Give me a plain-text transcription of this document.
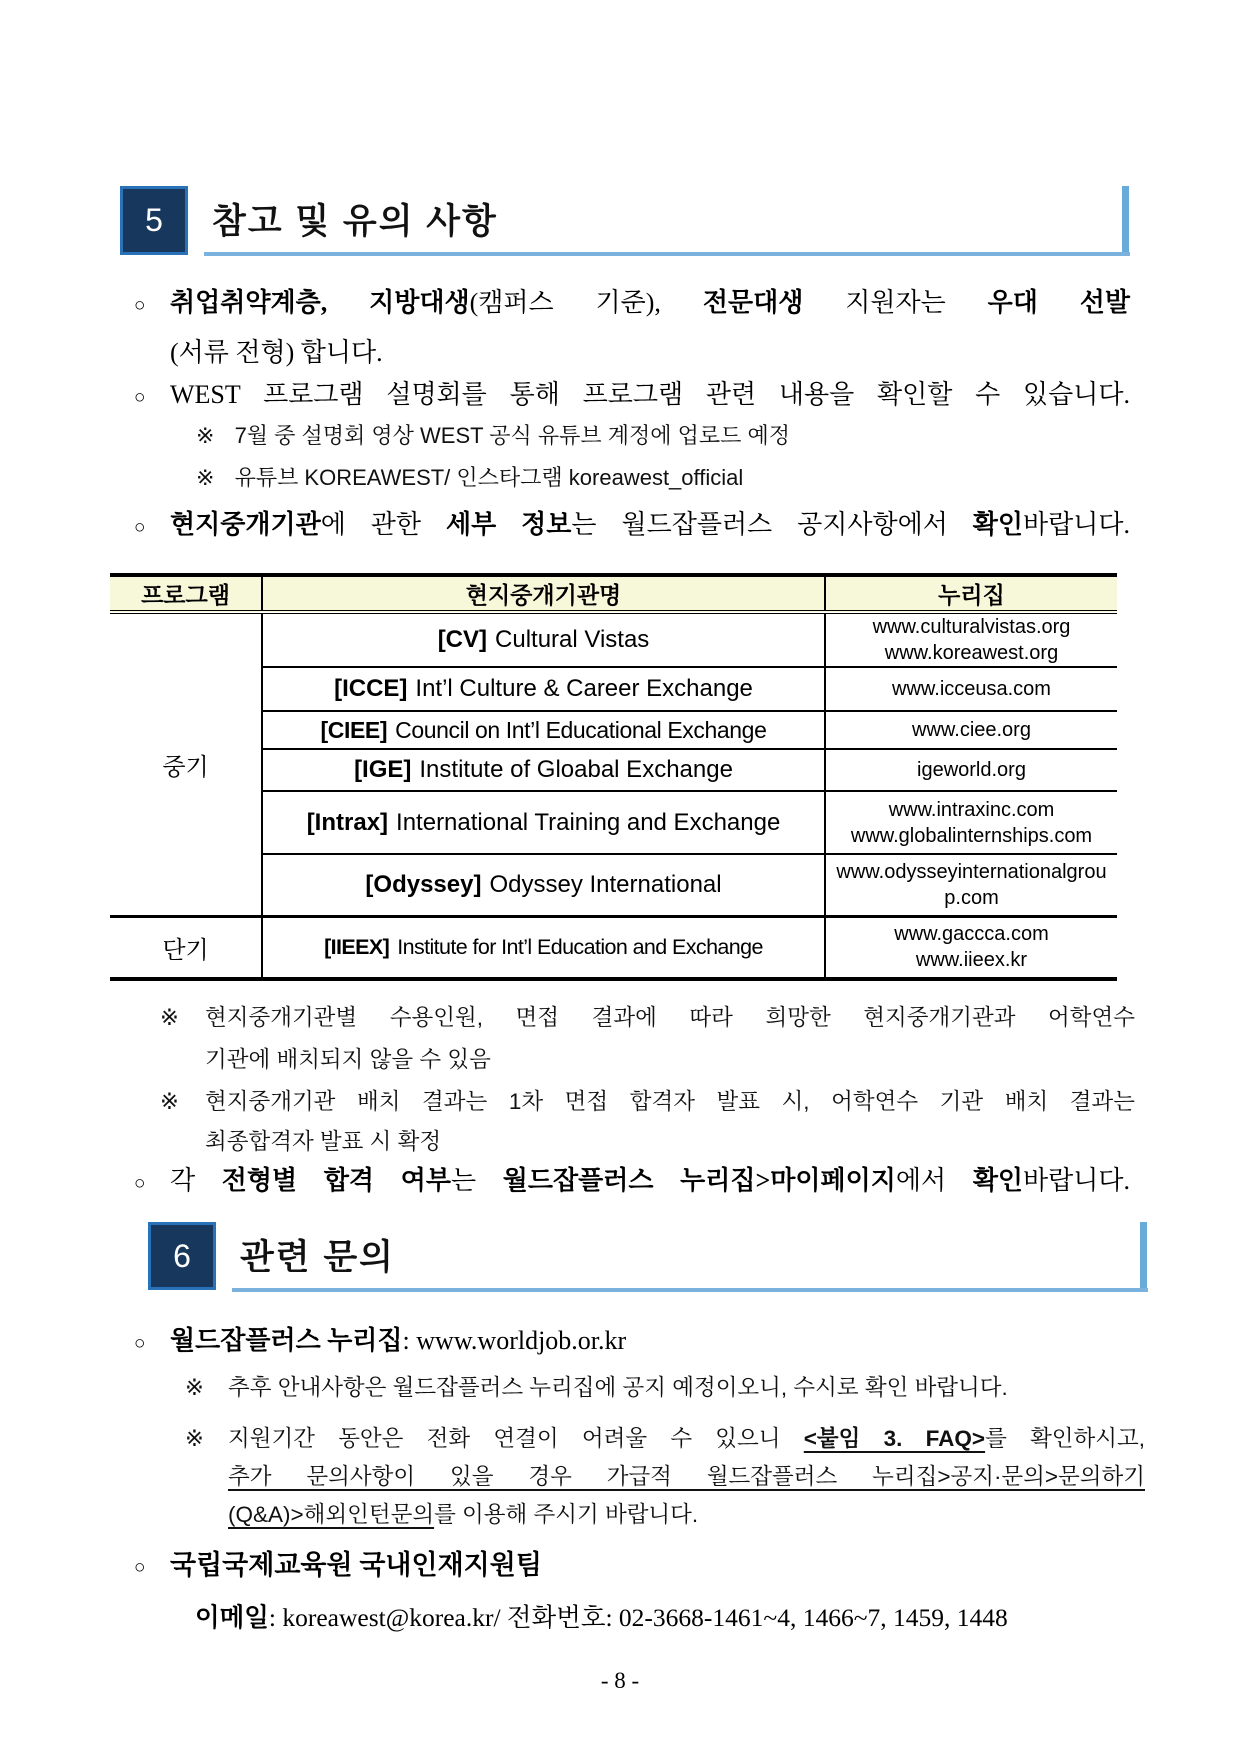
5 참고 및 유의 사항
○ 취업취약계층, 지방대생(캠퍼스 기준), 전문대생 지원자는 우대 선발
(서류 전형) 합니다.
○ WEST 프로그램 설명회를 통해 프로그램 관련 내용을 확인할 수 있습니다.
※ 7월 중 설명회 영상 WEST 공식 유튜브 계정에 업로드 예정
※ 유튜브 KOREAWEST/ 인스타그램 koreawest_official
○ 현지중개기관에 관한 세부 정보는 월드잡플러스 공지사항에서 확인바랍니다.
프로그램	현지중개기관명	누리집
중기	[CV] Cultural Vistas	www.culturalvistas.org
www.koreawest.org

	[ICCE] Int’l Culture & Career Exchange	www.icceusa.com

	[CIEE] Council on Int’l Educational Exchange	www.ciee.org

	[IGE] Institute of Gloabal Exchange	igeworld.org

	[Intrax] International Training and Exchange	www.intraxinc.com
www.globalinternships.com

	[Odyssey] Odyssey International	www.odysseyinternationalgroup.com

단기	[IIEEX] Institute for Int’l Education and Exchange	www.gaccca.com
www.iieex.kr
※ 현지중개기관별 수용인원, 면접 결과에 따라 희망한 현지중개기관과 어학연수
기관에 배치되지 않을 수 있음
※ 현지중개기관 배치 결과는 1차 면접 합격자 발표 시, 어학연수 기관 배치 결과는
최종합격자 발표 시 확정
○ 각 전형별 합격 여부는 월드잡플러스 누리집>마이페이지에서 확인바랍니다.
6 관련 문의
○ 월드잡플러스 누리집: www.worldjob.or.kr
※ 추후 안내사항은 월드잡플러스 누리집에 공지 예정이오니, 수시로 확인 바랍니다.
※ 지원기간 동안은 전화 연결이 어려울 수 있으니 <붙임 3. FAQ>를 확인하시고,
추가 문의사항이 있을 경우 가급적 월드잡플러스 누리집>공지·문의>문의하기
(Q&A)>해외인턴문의를 이용해 주시기 바랍니다.
○ 국립국제교육원 국내인재지원팀
이메일: koreawest@korea.kr/ 전화번호: 02-3668-1461~4, 1466~7, 1459, 1448
- 8 -
